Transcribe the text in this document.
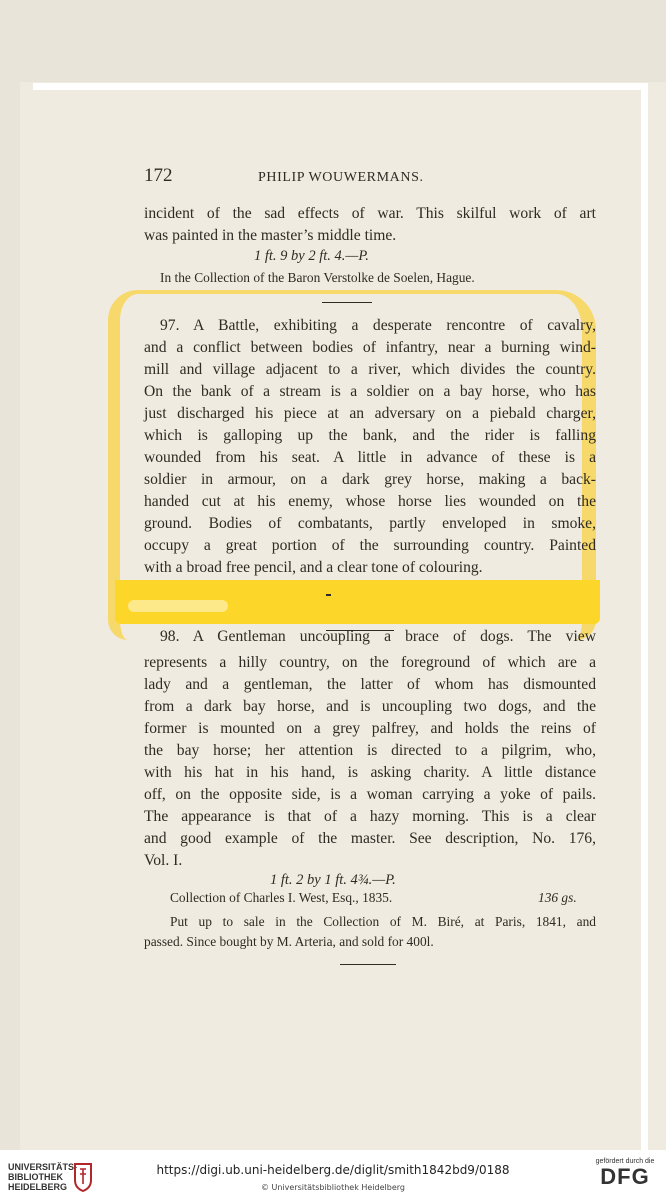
172	PHILIP WOUWERMANS.
incident of the sad effects of war. This skilful work of art
was painted in the master’s middle time.
1 ft. 9 by 2 ft. 4.—P.
In the Collection of the Baron Verstolke de Soelen, Hague.
97. A Battle, exhibiting a desperate rencontre of cavalry,
and a conflict between bodies of infantry, near a burning wind-
mill and village adjacent to a river, which divides the country.
On the bank of a stream is a soldier on a bay horse, who has
just discharged his piece at an adversary on a piebald charger,
which is galloping up the bank, and the rider is falling
wounded from his seat. A little in advance of these is a
soldier in armour, on a dark grey horse, making a back-
handed cut at his enemy, whose horse lies wounded on the
ground. Bodies of combatants, partly enveloped in smoke,
occupy a great portion of the surrounding country. Painted
with a broad free pencil, and a clear tone of colouring.
98. A Gentleman uncoupling a brace of dogs. The view
represents a hilly country, on the foreground of which are a
lady and a gentleman, the latter of whom has dismounted
from a dark bay horse, and is uncoupling two dogs, and the
former is mounted on a grey palfrey, and holds the reins of
the bay horse; her attention is directed to a pilgrim, who,
with his hat in his hand, is asking charity. A little distance
off, on the opposite side, is a woman carrying a yoke of pails.
The appearance is that of a hazy morning. This is a clear
and good example of the master. See description, No. 176,
Vol. I.
1 ft. 2 by 1 ft. 4¾.—P.
Collection of Charles I. West, Esq., 1835.	136 gs.
Put up to sale in the Collection of M. Biré, at Paris, 1841, and
passed. Since bought by M. Arteria, and sold for 400l.
UNIVERSITÄTS-
BIBLIOTHEK
HEIDELBERG
https://digi.ub.uni-heidelberg.de/diglit/smith1842bd9/0188
© Universitätsbibliothek Heidelberg
gefördert durch die
DFG
